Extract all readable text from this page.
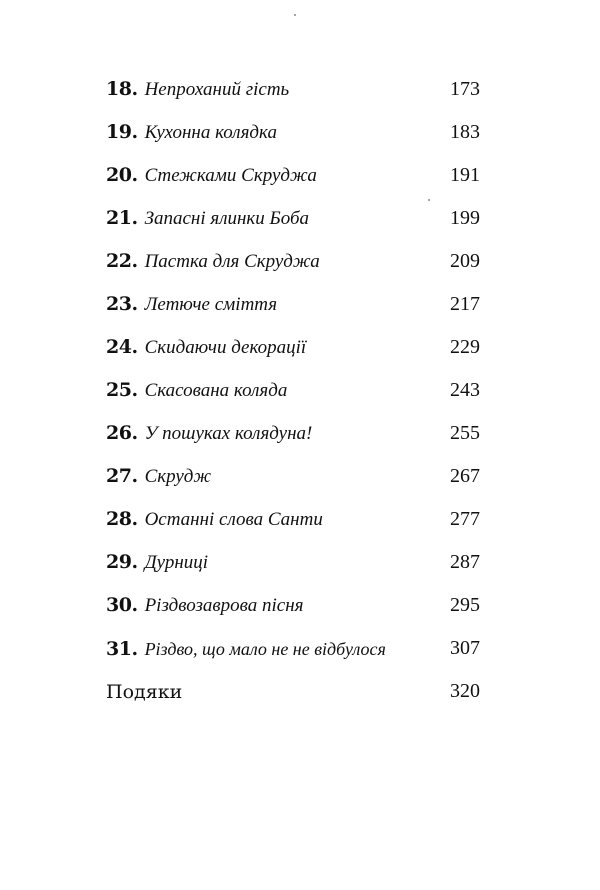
18. Непроханий гість	173
19. Кухонна колядка	183
20. Стежками Скруджа	191
21. Запасні ялинки Боба	199
22. Пастка для Скруджа	209
23. Летюче сміття	217
24. Скидаючи декорації	229
25. Скасована коляда	243
26. У пошуках колядуна!	255
27. Скрудж	267
28. Останні слова Санти	277
29. Дурниці	287
30. Різдвозаврова пісня	295
31. Різдво, що мало не не відбулося	307
Подяки	320
